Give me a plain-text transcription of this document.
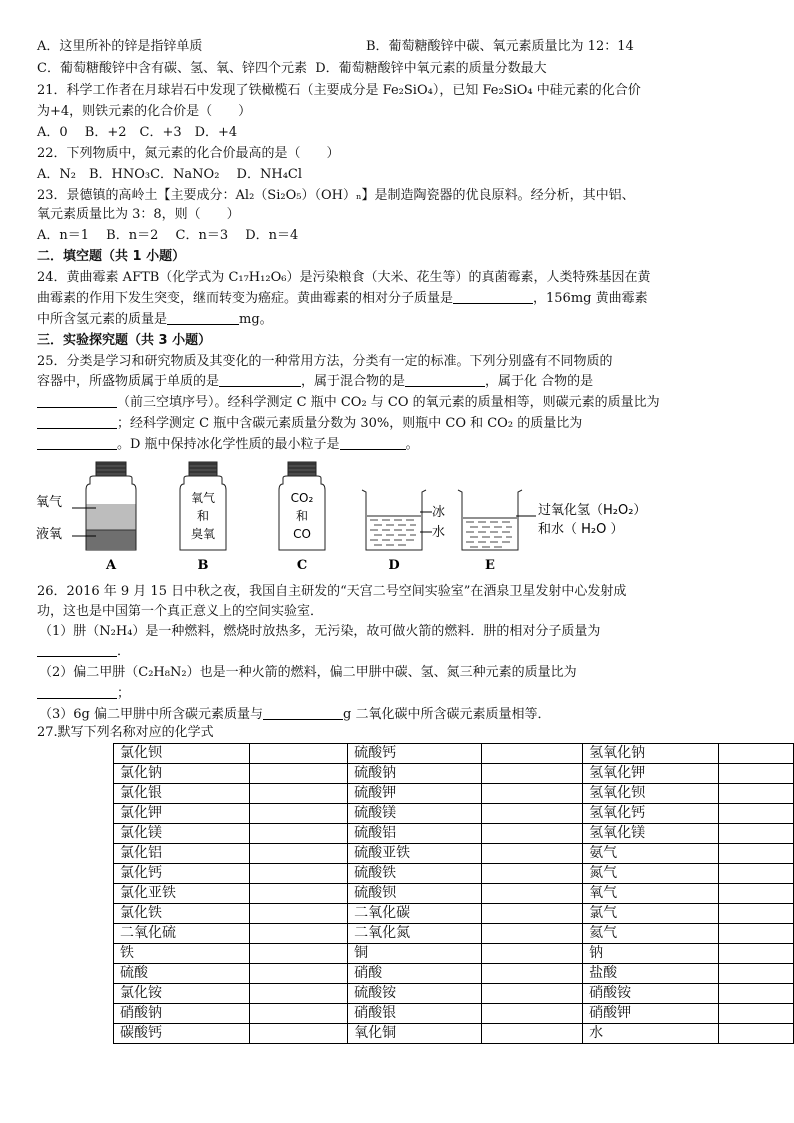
A．这里所补的锌是指锌单质	B．葡萄糖酸锌中碳、氧元素质量比为 12：14
C．葡萄糖酸锌中含有碳、氢、氧、锌四个元素 D．葡萄糖酸锌中氧元素的质量分数最大
21．科学工作者在月球岩石中发现了铁橄榄石（主要成分是 Fe₂SiO₄），已知 Fe₂SiO₄ 中硅元素的化合价
为+4，则铁元素的化合价是（　　）
A．0　 B．+2　C．+3　D．+4
22．下列物质中，氮元素的化合价最高的是（　　）
A．N₂　B．HNO₃C．NaNO₂　 D．NH₄Cl
23．景德镇的高岭土【主要成分：Al₂（Si₂O₅）（OH）ₙ】是制造陶瓷器的优良原料。经分析，其中铝、
氧元素质量比为 3：8，则（　　）
A．n＝1　 B．n＝2　 C．n＝3　 D．n＝4
二．填空题（共 1 小题）
24．黄曲霉素 AFTB（化学式为 C₁₇H₁₂O₆）是污染粮食（大米、花生等）的真菌霉素，人类特殊基因在黄
曲霉素的作用下发生突变，继而转变为癌症。黄曲霉素的相对分子质量是	，156mg 黄曲霉素
中所含氢元素的质量是	mg。
三．实验探究题（共 3 小题）
25．分类是学习和研究物质及其变化的一种常用方法，分类有一定的标准。下列分别盛有不同物质的
容器中，所盛物质属于单质的是	，属于混合物的是	，属于化 合物的是
（前三空填序号）。经科学测定 C 瓶中 CO₂ 与 CO 的氧元素的质量相等，则碳元素的质量比为
；经科学测定 C 瓶中含碳元素质量分数为 30%，则瓶中 CO 和 CO₂ 的质量比为
。D 瓶中保持冰化学性质的最小粒子是	。
氧气
液氧
氧气
和
臭氧
CO₂
和
CO
冰
水
过氧化氢（H₂O₂）
和水（ H₂O ）
A	B	C	D	E
26．2016 年 9 月 15 日中秋之夜，我国自主研发的“天宫二号空间实验室”在酒泉卫星发射中心发射成
功，这也是中国第一个真正意义上的空间实验室．
（1）肼（N₂H₄）是一种燃料，燃烧时放热多，无污染，故可做火箭的燃料．肼的相对分子质量为
．
（2）偏二甲肼（C₂H₈N₂）也是一种火箭的燃料，偏二甲肼中碳、氢、氮三种元素的质量比为
；
（3）6g 偏二甲肼中所含碳元素质量与	g 二氧化碳中所含碳元素质量相等．
27.默写下列名称对应的化学式
氯化钡		硫酸钙		氢氧化钠	
氯化钠		硫酸钠		氢氧化钾	
氯化银		硫酸钾		氢氧化钡	
氯化钾		硫酸镁		氢氧化钙	
氯化镁		硫酸铝		氢氧化镁	
氯化铝		硫酸亚铁		氨气	
氯化钙		硫酸铁		氮气	
氯化亚铁		硫酸钡		氧气	
氯化铁		二氧化碳		氯气	
二氧化硫		二氧化氮		氦气	
铁		铜		钠	
硫酸		硝酸		盐酸	
氯化铵		硫酸铵		硝酸铵	
硝酸钠		硝酸银		硝酸钾	
碳酸钙		氧化铜		水	
